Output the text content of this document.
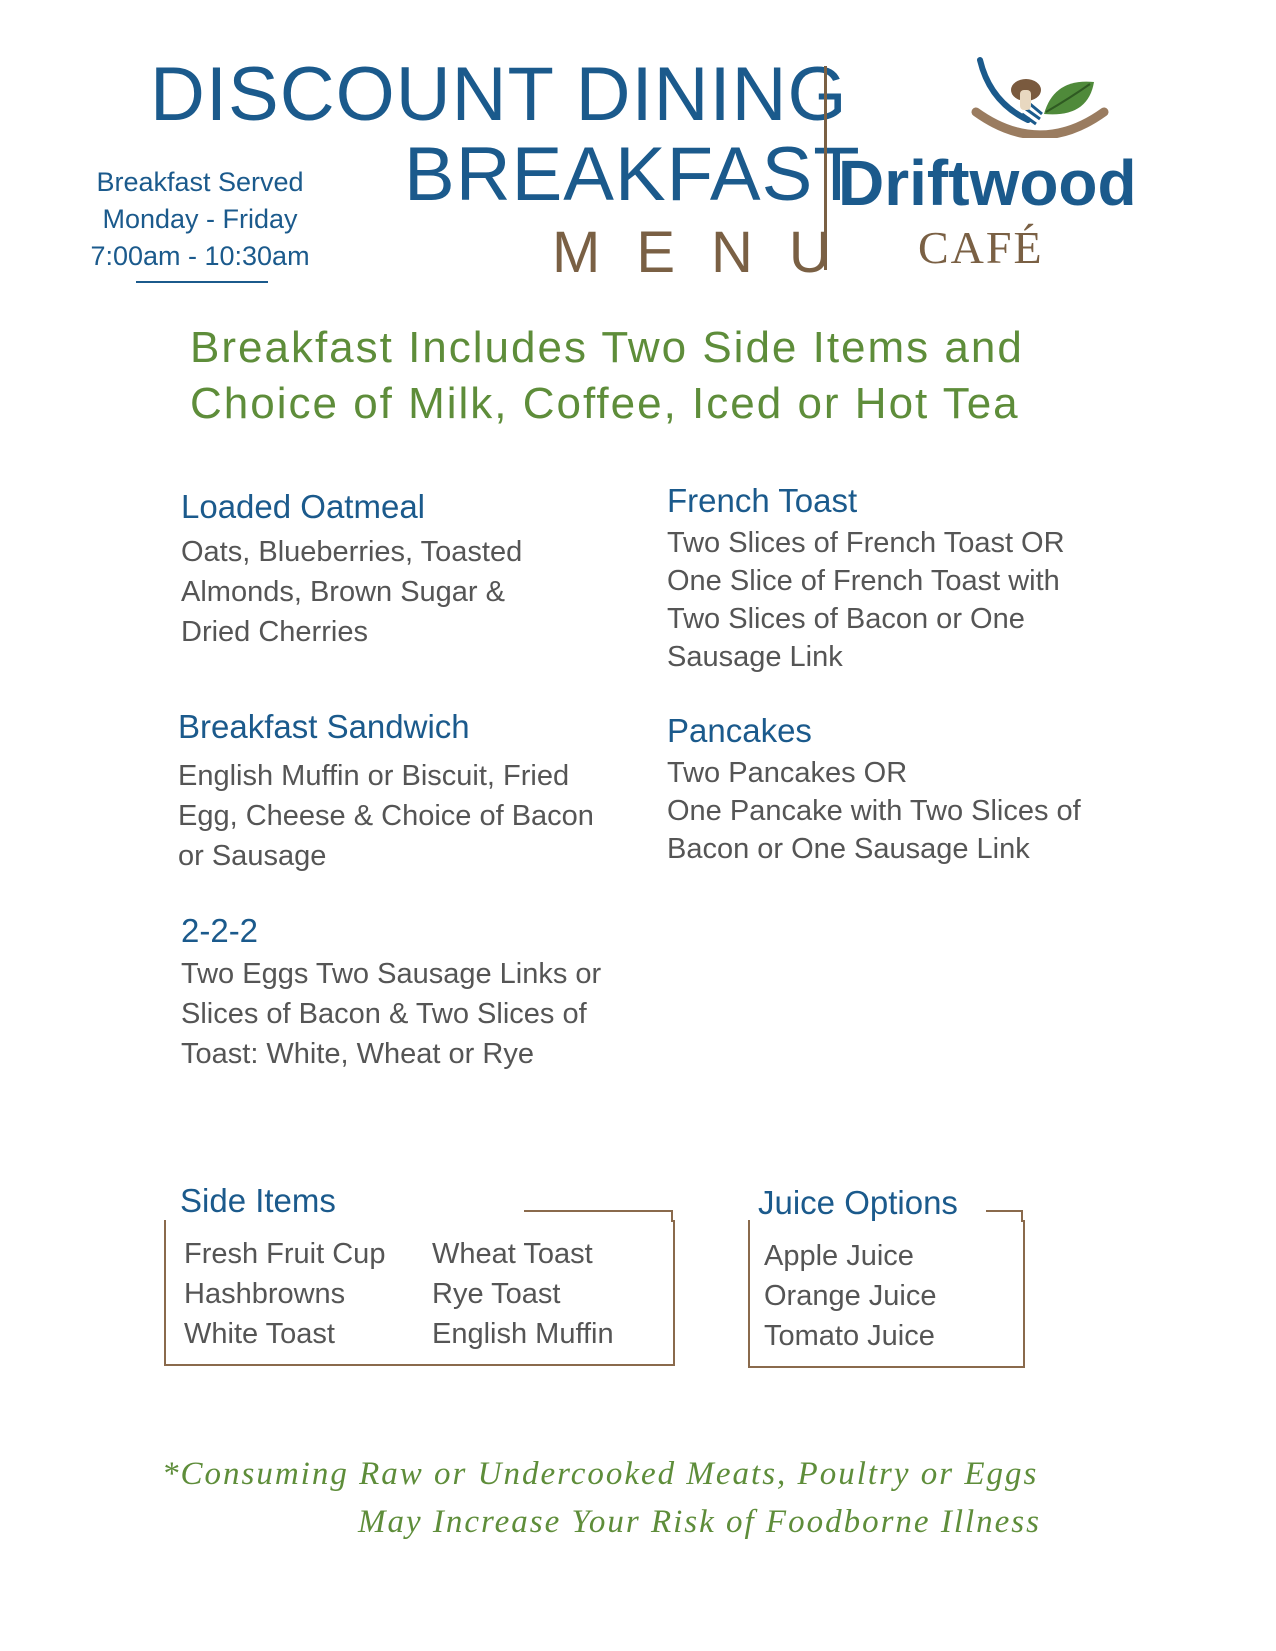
DISCOUNT DINING
BREAKFAST
MENU
Breakfast Served
Monday - Friday
7:00am - 10:30am
Driftwood
CAFÉ
Breakfast Includes Two Side Items and
Choice of Milk, Coffee, Iced or Hot Tea
Loaded Oatmeal
Oats, Blueberries, Toasted
Almonds, Brown Sugar &
Dried Cherries
Breakfast Sandwich
English Muffin or Biscuit, Fried
Egg, Cheese & Choice of Bacon
or Sausage
2-2-2
Two Eggs Two Sausage Links or
Slices of Bacon & Two Slices of
Toast: White, Wheat or Rye
French Toast
Two Slices of French Toast OR
One Slice of French Toast with
Two Slices of Bacon or One
Sausage Link
Pancakes
Two Pancakes OR
One Pancake with Two Slices of
Bacon or One Sausage Link
Side Items
Fresh Fruit Cup
Hashbrowns
White Toast
Wheat Toast
Rye Toast
English Muffin
Juice Options
Apple Juice
Orange Juice
Tomato Juice
*Consuming Raw or Undercooked Meats, Poultry or Eggs
May Increase Your Risk of Foodborne Illness
